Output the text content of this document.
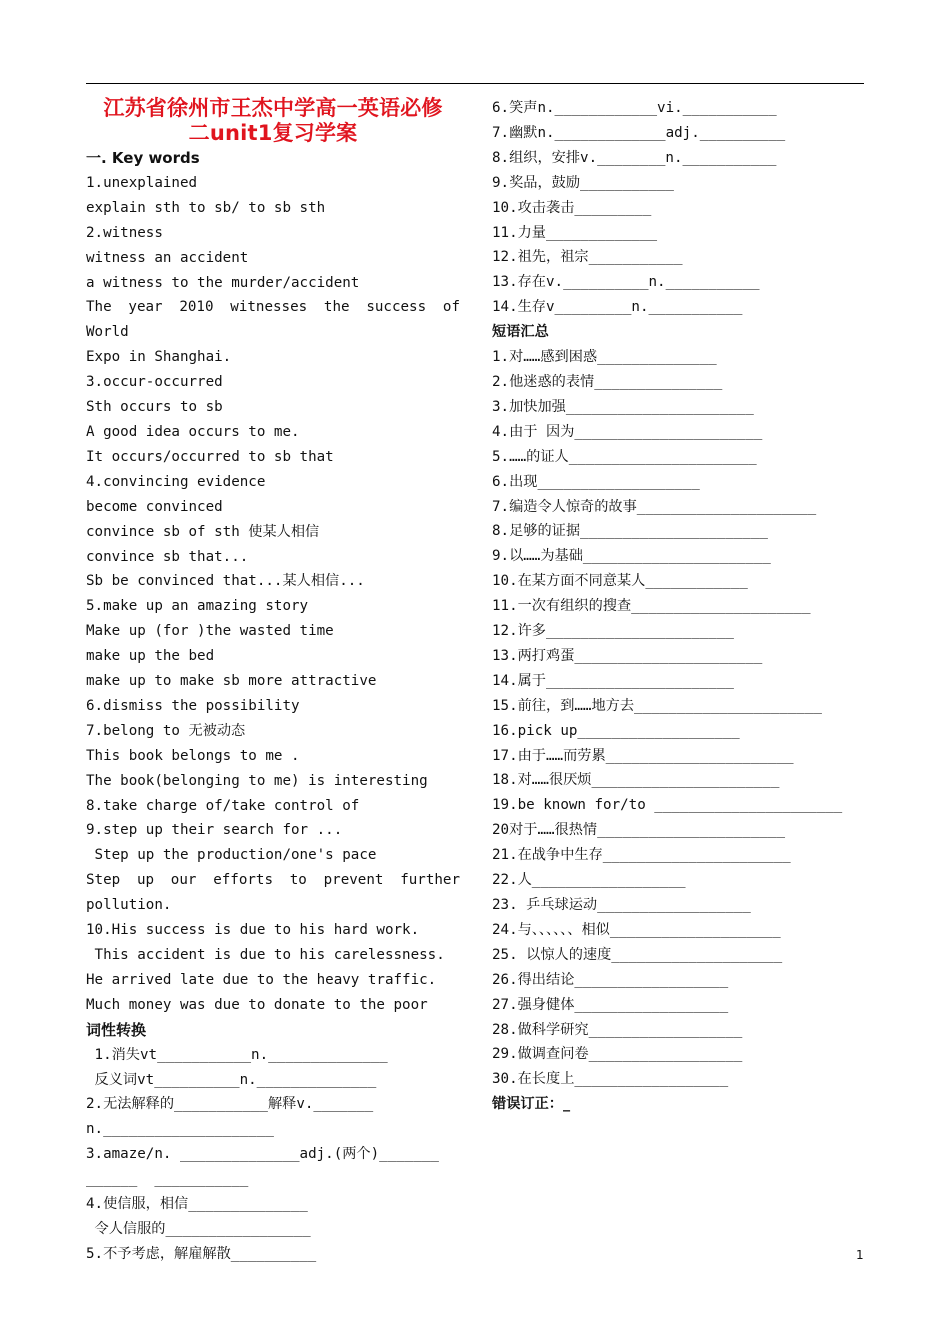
江苏省徐州市王杰中学高一英语必修
二unit1复习学案
一. Key words
1.unexplained
explain sth to sb/ to sb sth
2.witness
witness an accident
a witness to the murder/accident
The year 2010 witnesses the success of World
Expo in Shanghai.
3.occur-occurred
Sth occurs to sb
A good idea occurs to me.
It occurs/occurred to sb that
4.convincing evidence
become convinced
convince sb of sth 使某人相信
convince sb that...
Sb be convinced that...某人相信...
5.make up an amazing story
Make up (for )the wasted time
make up the bed
make up to make sb more attractive
6.dismiss the possibility
7.belong to 无被动态
This book belongs to me .
The book(belonging to me) is interesting
8.take charge of/take control of
9.step up their search for ...
Step up the production/one's pace
Step up our efforts to prevent further
pollution.
10.His success is due to his hard work.
This accident is due to his carelessness.
He arrived late due to the heavy traffic.
Much money was due to donate to the poor
词性转换
1.消失vt___________n.______________
反义词vt__________n.______________
2.无法解释的___________解释v._______
n.____________________
3.amaze/n. ______________adj.(两个)_______
______  ___________
4.使信服，相信______________
令人信服的_________________
5.不予考虑，解雇解散__________
6.笑声n.____________vi.___________
7.幽默n._____________adj.__________
8.组织，安排v.________n.___________
9.奖品，鼓励___________
10.攻击袭击_________
11.力量_____________
12.祖先，祖宗___________
13.存在v.__________n.___________
14.生存v_________n.___________
短语汇总
1.对……感到困惑______________
2.他迷惑的表情_______________
3.加快加强______________________
4.由于 因为______________________
5.……的证人______________________
6.出现___________________
7.编造令人惊奇的故事_____________________
8.足够的证据______________________
9.以……为基础______________________
10.在某方面不同意某人____________
11.一次有组织的搜查_____________________
12.许多______________________
13.两打鸡蛋______________________
14.属于______________________
15.前往，到……地方去______________________
16.pick up___________________
17.由于……而劳累______________________
18.对……很厌烦______________________
19.be known for/to ______________________
20对于……很热情______________________
21.在战争中生存______________________
22.人__________________
23. 乒乓球运动__________________
24.与、、、、、、相似____________________
25. 以惊人的速度____________________
26.得出结论__________________
27.强身健体__________________
28.做科学研究__________________
29.做调查问卷__________________
30.在长度上__________________
错误订正：_
1
